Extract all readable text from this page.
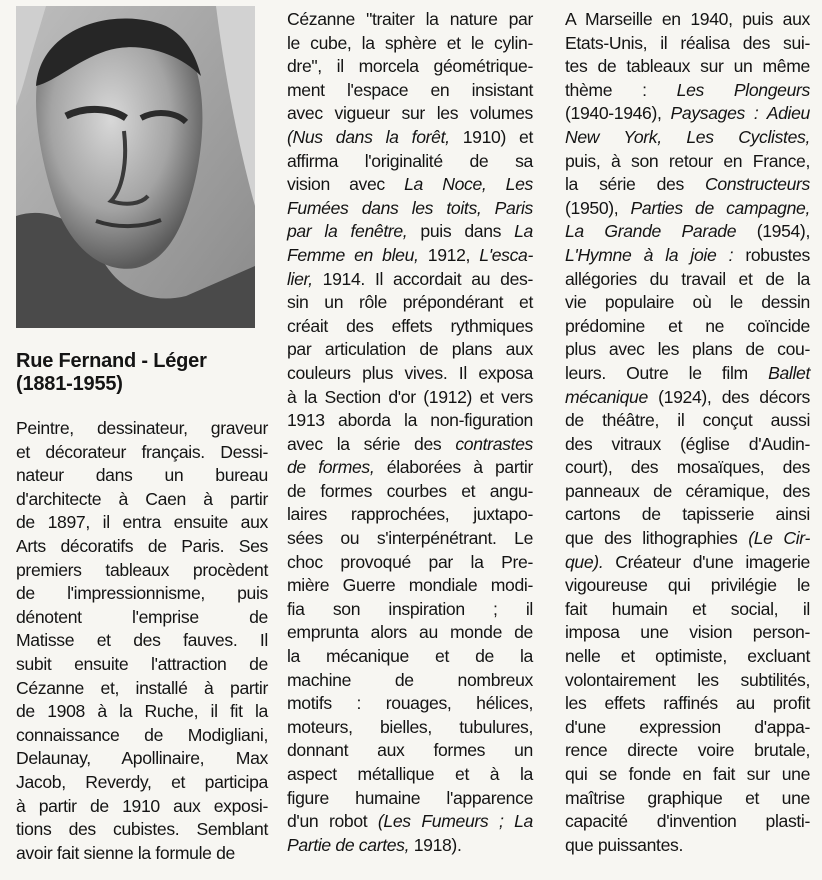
Rue Fernand - Léger
(1881-1955)
Peintre, dessinateur, graveur
et décorateur français. Dessi-
nateur dans un bureau
d'architecte à Caen à partir
de 1897, il entra ensuite aux
Arts décoratifs de Paris. Ses
premiers tableaux procèdent
de l'impressionnisme, puis
dénotent l'emprise de
Matisse et des fauves. Il
subit ensuite l'attraction de
Cézanne et, installé à partir
de 1908 à la Ruche, il fit la
connaissance de Modigliani,
Delaunay, Apollinaire, Max
Jacob, Reverdy, et participa
à partir de 1910 aux exposi-
tions des cubistes. Semblant
avoir fait sienne la formule de
Cézanne "traiter la nature par
le cube, la sphère et le cylin-
dre", il morcela géométrique-
ment l'espace en insistant
avec vigueur sur les volumes
(Nus dans la forêt, 1910) et
affirma l'originalité de sa
vision avec La Noce, Les
Fumées dans les toits, Paris
par la fenêtre, puis dans La
Femme en bleu, 1912, L'esca-
lier, 1914. Il accordait au des-
sin un rôle prépondérant et
créait des effets rythmiques
par articulation de plans aux
couleurs plus vives. Il exposa
à la Section d'or (1912) et vers
1913 aborda la non-figuration
avec la série des contrastes
de formes, élaborées à partir
de formes courbes et angu-
laires rapprochées, juxtapo-
sées ou s'interpénétrant. Le
choc provoqué par la Pre-
mière Guerre mondiale modi-
fia son inspiration ; il
emprunta alors au monde de
la mécanique et de la
machine de nombreux
motifs : rouages, hélices,
moteurs, bielles, tubulures,
donnant aux formes un
aspect métallique et à la
figure humaine l'apparence
d'un robot (Les Fumeurs ; La
Partie de cartes, 1918).
A Marseille en 1940, puis aux
Etats-Unis, il réalisa des sui-
tes de tableaux sur un même
thème : Les Plongeurs
(1940-1946), Paysages : Adieu
New York, Les Cyclistes,
puis, à son retour en France,
la série des Constructeurs
(1950), Parties de campagne,
La Grande Parade (1954),
L'Hymne à la joie : robustes
allégories du travail et de la
vie populaire où le dessin
prédomine et ne coïncide
plus avec les plans de cou-
leurs. Outre le film Ballet
mécanique (1924), des décors
de théâtre, il conçut aussi
des vitraux (église d'Audin-
court), des mosaïques, des
panneaux de céramique, des
cartons de tapisserie ainsi
que des lithographies (Le Cir-
que). Créateur d'une imagerie
vigoureuse qui privilégie le
fait humain et social, il
imposa une vision person-
nelle et optimiste, excluant
volontairement les subtilités,
les effets raffinés au profit
d'une expression d'appa-
rence directe voire brutale,
qui se fonde en fait sur une
maîtrise graphique et une
capacité d'invention plasti-
que puissantes.
